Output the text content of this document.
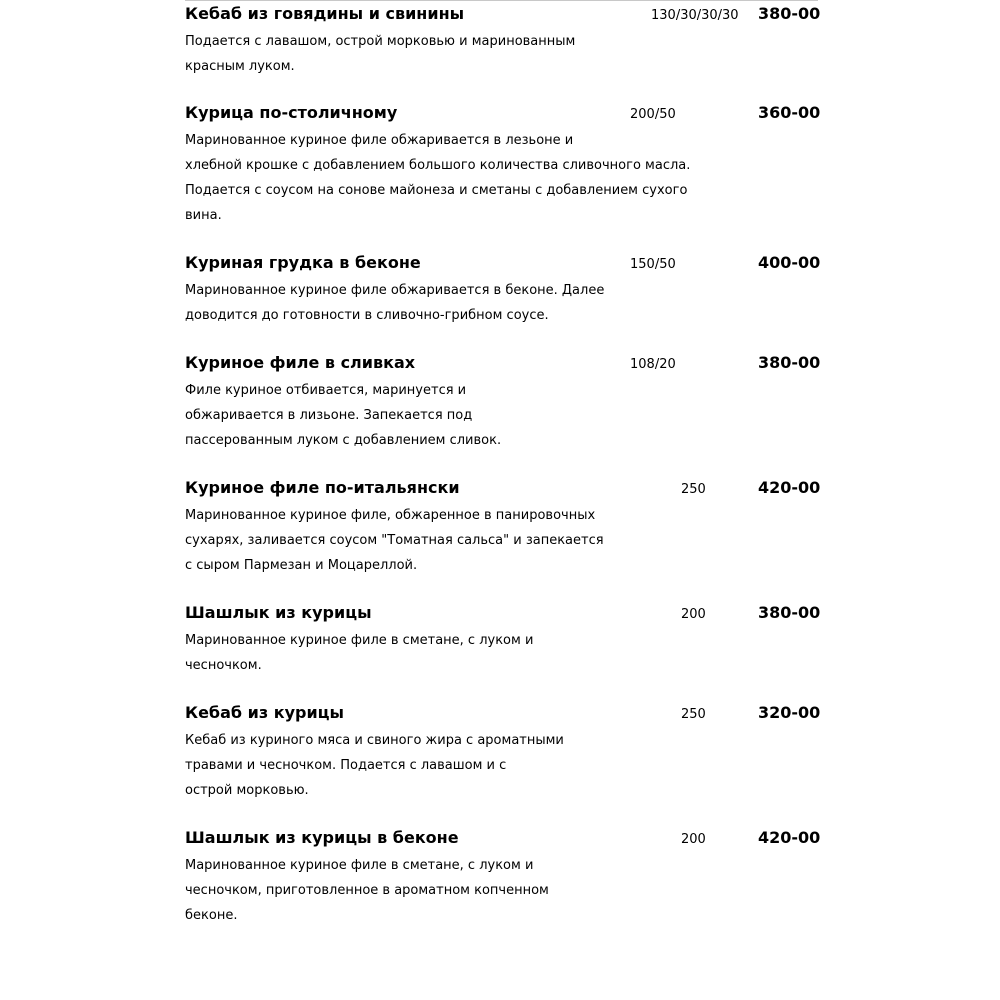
Кебаб из говядины и свинины	130/30/30/30 380-00
Подается с лавашом, острой морковью и маринованным
красным луком.
Курица по-столичному	200/50	360-00
Маринованное куриное филе обжаривается в лезьоне и
хлебной крошке с добавлением большого количества сливочного масла.
Подается с соусом на сонове майонеза и сметаны с добавлением сухого
вина.
Куриная грудка в беконе	150/50	400-00
Маринованное куриное филе обжаривается в беконе. Далее
доводится до готовности в сливочно-грибном соусе.
Куриное филе в сливках	108/20	380-00
Филе куриное отбивается, маринуется и
обжаривается в лизьоне. Запекается под
пассерованным луком с добавлением сливок.
Куриное филе по-итальянски	250	420-00
Маринованное куриное филе, обжаренное в панировочных
сухарях, заливается соусом "Томатная сальса" и запекается
с сыром Пармезан и Моцареллой.
Шашлык из курицы	200	380-00
Маринованное куриное филе в сметане, с луком и
чесночком.
Кебаб из курицы	250	320-00
Кебаб из куриного мяса и свиного жира с ароматными
травами и чесночком. Подается с лавашом и с
острой морковью.
Шашлык из курицы в беконе	200	420-00
Маринованное куриное филе в сметане, с луком и
чесночком, приготовленное в ароматном копченном
беконе.
